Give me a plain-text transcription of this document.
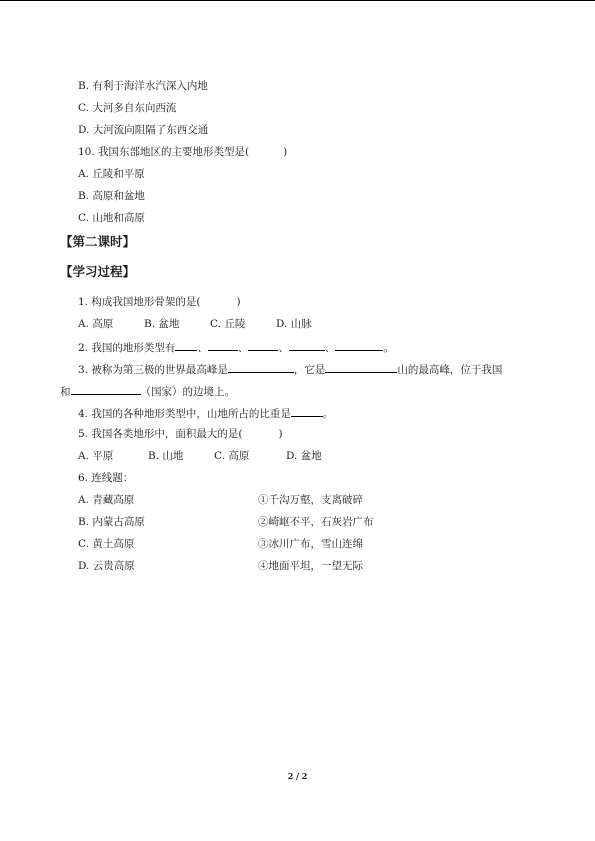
B. 有利于海洋水汽深入内地
C. 大河多自东向西流
D. 大河流向阻隔了东西交通
10. 我国东部地区的主要地形类型是(	)
A. 丘陵和平原
B. 高原和盆地
C. 山地和高原
【第二课时】
【学习过程】
1. 构成我国地形骨架的是(	)
A. 高原	B. 盆地	C. 丘陵	D. 山脉
2. 我国的地形类型有 、	、	、	、	。
3. 被称为第三极的世界最高峰是	，它是	山的最高峰，位于我国
和	（国家）的边境上。
4. 我国的各种地形类型中，山地所占的比重是	。
5. 我国各类地形中，面积最大的是(	)
A. 平原	B. 山地	C. 高原	D. 盆地
6. 连线题：
A. 青藏高原	①千沟万壑，支离破碎
B. 内蒙古高原	②崎岖不平，石灰岩广布
C. 黄土高原	③冰川广布，雪山连绵
D. 云贵高原	④地面平坦，一望无际
2 / 2
